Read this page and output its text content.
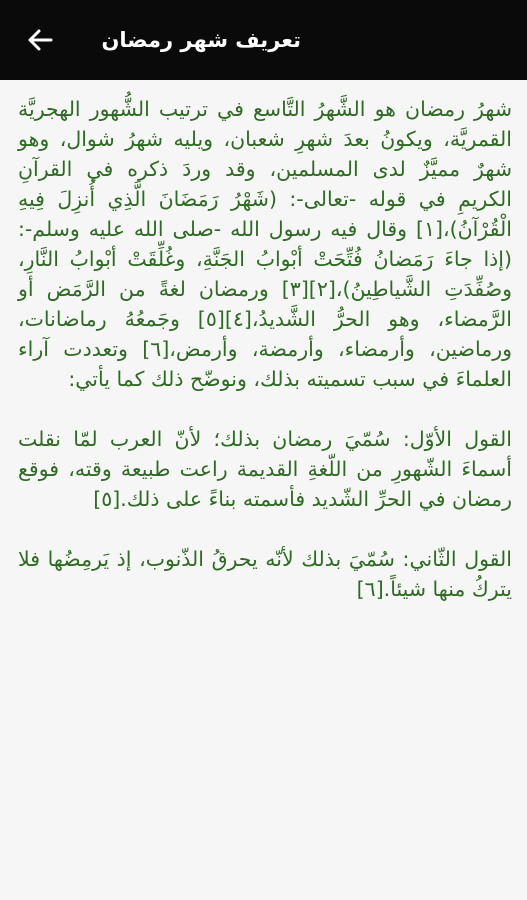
تعريف شهر رمضان

شهرُ رمضان هو الشَّهرُ التَّاسع في ترتيب الشُّهور الهجريَّة القمريَّة، ويكونُ بعدَ شهرِ شعبان، ويليه شهرُ شوال، وهو شهرٌ مميَّزٌ لدى المسلمين، وقد وردَ ذكره في القرآنِ الكريمِ في قوله -تعالى-: (شَهْرُ رَمَضَانَ الَّذِي أُنزِلَ فِيهِ الْقُرْآنُ)،[١] وقال فيه رسول الله -صلى الله عليه وسلم-: (إذا جاءَ رَمَضانُ فُتِّحَتْ أبْوابُ الجَنَّةِ، وغُلِّقَتْ أبْوابُ النَّارِ، وصُفِّدَتِ الشَّياطِينُ)،[٢][٣] ورمضان لغةً من الرَّمَض أو الرَّمضاء، وهو الحرُّ الشَّديدُ،[٤][٥] وجَمعُهُ رماضانات، ورماضين، وأرمضاء، وأرمضة، وأرمض،[٦] وتعددت آراء العلماءَ في سبب تسميته بذلك، ونوضّح ذلك كما يأتي:

القول الأوّل: سُمّيَ رمضان بذلك؛ لأنّ العرب لمّا نقلت أسماءَ الشّهورِ من اللّغةِ القديمة راعت طبيعة وقته، فوقع رمضان في الحرِّ الشّديد فأسمته بناءً على ذلك.[٥]

القول الثّاني: سُمّيَ بذلك لأنّه يحرقُ الذّنوب، إذ يَرمِضُها فلا يتركُ منها شيئاً.[٦]
